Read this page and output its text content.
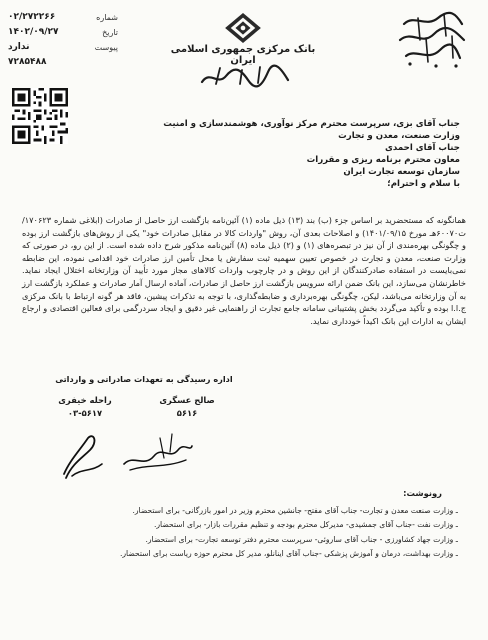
شماره
۰۲/۲۷۲۲۶۶
تاریخ
۱۴۰۲/۰۹/۲۷
پیوست
ندارد
۷۲۸۵۴۸۸
بانک مرکزی جمهوری اسلامی ایران
جناب آقای بزی، سرپرست محترم مرکز نوآوری، هوشمندسازی و امنیت
وزارت صنعت، معدن و تجارت
جناب آقای احمدی
معاون محترم برنامه ریزی و مقررات
سازمان توسعه تجارت ایران
با سلام و احترام؛
همانگونه که مستحضرید بر اساس جزء (ب) بند (۱۳) ذیل ماده (۱) آئین‌نامه بازگشت ارز حاصل از صادرات (ابلاغی شماره ۱۷۰۶۲۳/ت۶۰۰۷۰هـ مورخ ۱۴۰۱/۰۹/۱۵) و اصلاحات بعدی آن، روش "واردات کالا در مقابل صادرات خود" یکی از روش‌های بازگشت ارز بوده و چگونگی بهره‌مندی از آن نیز در تبصره‌های (۱) و (۲) ذیل ماده (۸) آئین‌نامه مذکور شرح داده شده است. از این رو، در صورتی که وزارت صنعت، معدن و تجارت در خصوص تعیین سهمیه ثبت سفارش یا محل تأمین ارز صادرات خود اقدامی نموده، این ضابطه نمی‌بایست در استفاده صادرکنندگان از این روش و در چارچوب واردات کالاهای مجاز مورد تأیید آن وزارتخانه اختلال ایجاد نماید. خاطرنشان می‌سازد، این بانک ضمن ارائه سرویس بازگشت ارز حاصل از صادرات، آماده ارسال آمار صادرات و عملکرد بازگشت ارز به آن وزارتخانه می‌باشد، لیکن، چگونگی بهره‌برداری و ضابطه‌گذاری، با توجه به تذکرات پیشین، فاقد هر گونه ارتباط با بانک مرکزی ج.ا.ا بوده و تأکید می‌گردد بخش پشتیبانی سامانه جامع تجارت از راهنمایی غیر دقیق و ایجاد سردرگمی برای فعالین اقتصادی و ارجاع ایشان به ادارات این بانک اکیداً خودداری نماید.
اداره رسیدگی به تعهدات صادراتی و وارداتی
صالح عسگری
۵۶۱۶
راحله خیفری
۰۳-۵۶۱۷
رونوشت:
ـ وزارت صنعت معدن و تجارت- جناب آقای مفتح- جانشین محترم وزیر در امور بازرگانی- برای استحضار.
ـ وزارت نفت -جناب آقای جمشیدی- مدیرکل محترم بودجه و تنظیم مقررات بازار- برای استحضار.
ـ وزارت جهاد کشاورزی - جناب آقای ساروئی- سرپرست محترم دفتر توسعه تجارت- برای استحضار.
ـ وزارت بهداشت، درمان و آموزش پزشکی -جناب آقای اینانلو، مدیر کل محترم حوزه ریاست برای استحضار.
